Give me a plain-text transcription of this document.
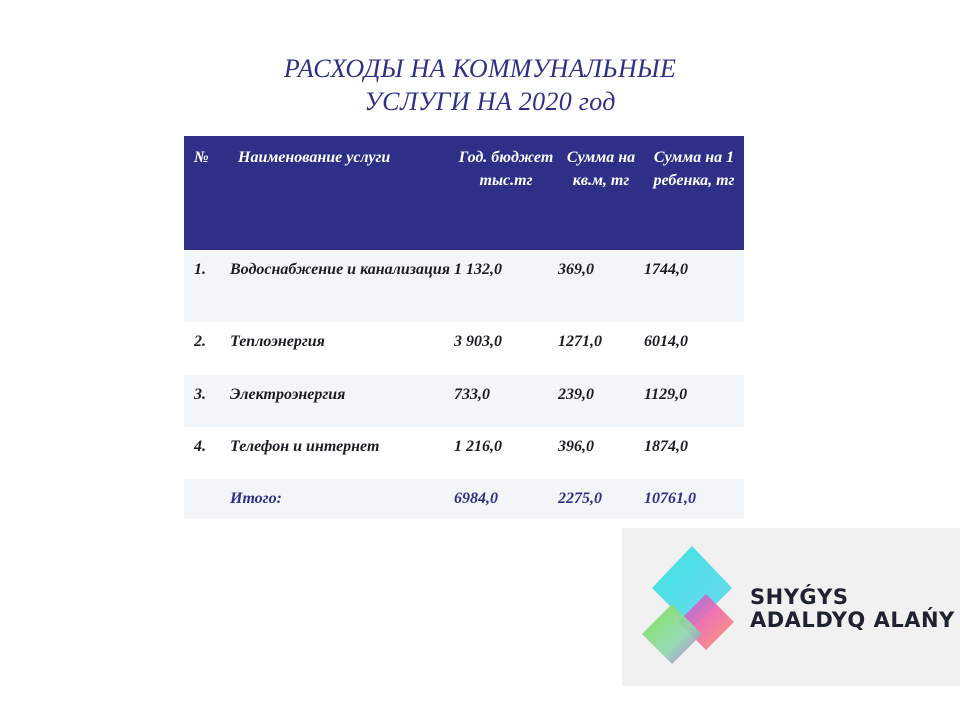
РАСХОДЫ НА КОММУНАЛЬНЫЕ
УСЛУГИ НА 2020 год
№	Наименование услуги	Год. бюджет тыс.тг	Сумма на кв.м, тг	Сумма на 1 ребенка, тг
1.	Водоснабжение и канализация	1 132,0	369,0	1744,0
2.	Теплоэнергия	3 903,0	1271,0	6014,0
3.	Электроэнергия	733,0	239,0	1129,0
4.	Телефон и интернет	1 216,0	396,0	1874,0
	Итого:	6984,0	2275,0	10761,0
SHYǴYS
ADALDYQ ALAŃY
